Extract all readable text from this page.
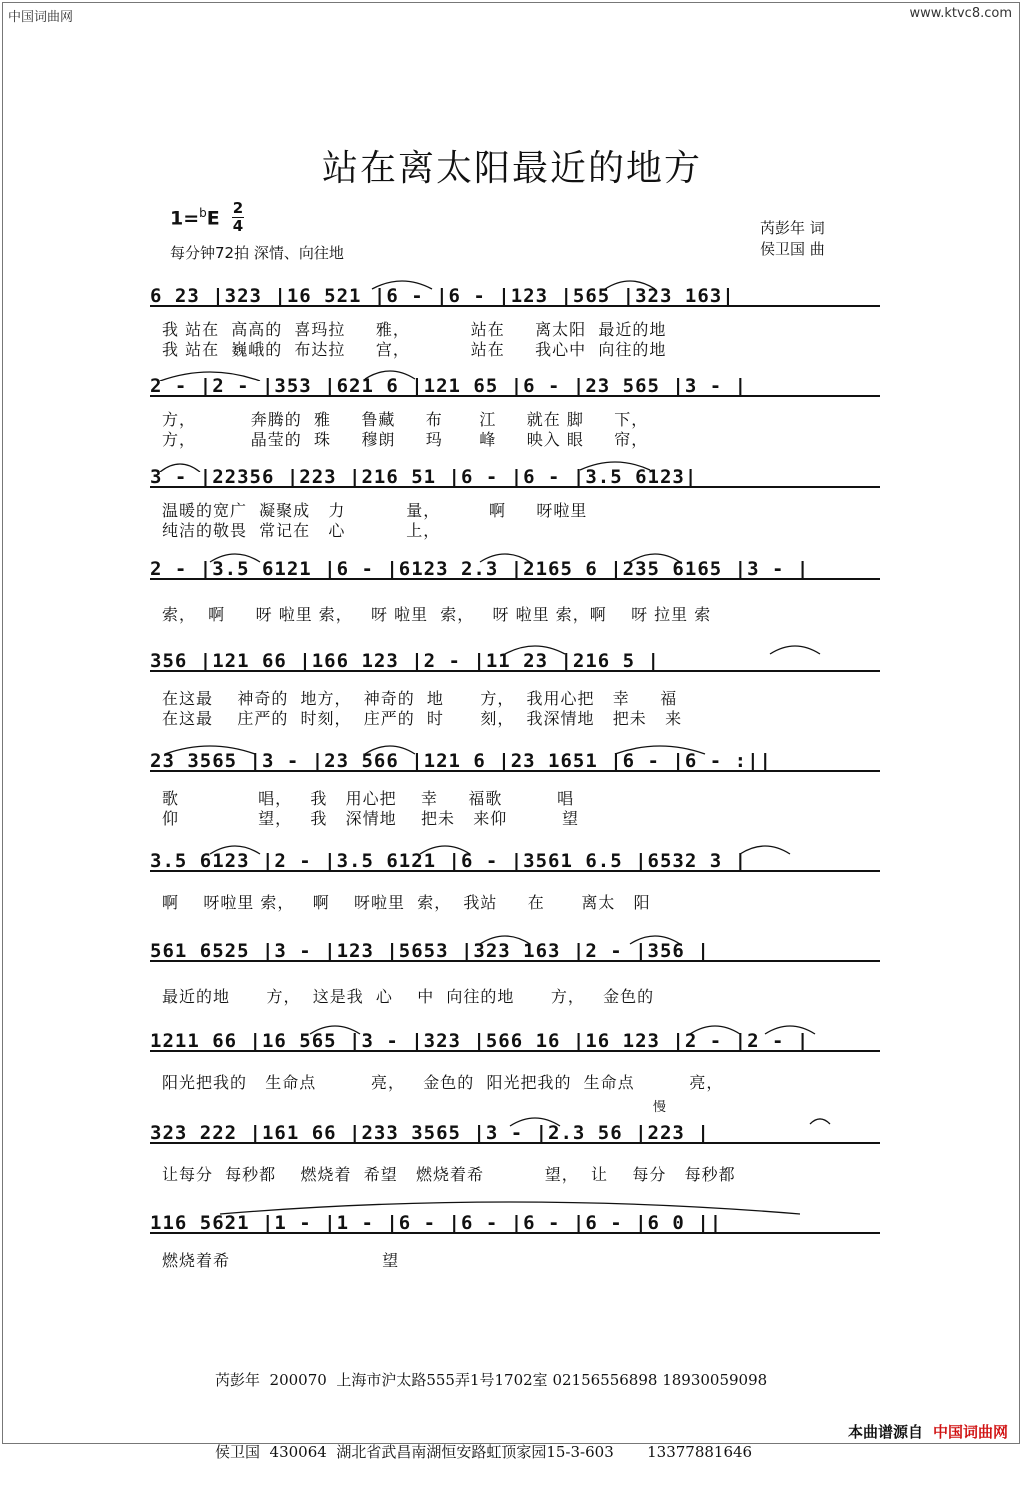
中国词曲网	www.ktvc8.com
站在离太阳最近的地方
1=$^b$E 2
4
每分钟72拍 深情、向往地
芮彭年 词
侯卫国 曲
6 23 |323 |16 521 |6 - |6 - |123 |565 |323 163|
我 站在  高高的  喜玛拉     雅，          站在     离太阳  最近的地
我 站在  巍峨的  布达拉     宫，          站在     我心中  向往的地
2 - |2 - |353 |621 6 |121 65 |6 - |23 565 |3 - |
方，         奔腾的  雅     鲁藏     布      江     就在 脚     下，
方，         晶莹的  珠     穆朗     玛      峰     映入 眼     帘，
3 - |22356 |223 |216 51 |6 - |6 - |3.5 6123|
温暖的宽广  凝聚成   力          量，        啊     呀啦里
纯洁的敬畏  常记在   心          上，
2 - |3.5 6121 |6 - |6123 2.3 |2165 6 |235 6165 |3 - |
索，  啊     呀 啦里 索，   呀 啦里  索，   呀 啦里 索，啊    呀 拉里 索
356 |121 66 |166 123 |2 - |11 23 |216 5 |
在这最    神奇的  地方，  神奇的  地      方，  我用心把   幸     福
在这最    庄严的  时刻，  庄严的  时      刻，  我深情地   把未   来
23 3565 |3 - |23 566 |121 6 |23 1651 |6 - |6 - :||
歌             唱，   我   用心把    幸     福歌         唱
仰             望，   我   深情地    把未   来仰         望
3.5 6123 |2 - |3.5 6121 |6 - |3561 6.5 |6532 3 |
啊    呀啦里 索，   啊    呀啦里  索，  我站     在      离太   阳
561 6525 |3 - |123 |5653 |323 163 |2 - |356 |
最近的地      方，  这是我  心    中  向往的地      方，   金色的
1211 66 |16 565 |3 - |323 |566 16 |16 123 |2 - |2 - |
阳光把我的   生命点         亮，   金色的  阳光把我的  生命点         亮，
慢
323 222 |161 66 |233 3565 |3 - |2.3 56 |223 |
让每分  每秒都    燃烧着  希望   燃烧着希          望，  让    每分   每秒都
116 5621 |1 - |1 - |6 - |6 - |6 - |6 - |6 0 ||
燃烧着希                         望

芮彭年  200070  上海市沪太路555弄1号1702室 02156556898 18930059098

侯卫国  430064  湖北省武昌南湖恒安路虹顶家园15-3-603       13377881646

本曲谱源自 中国词曲网
